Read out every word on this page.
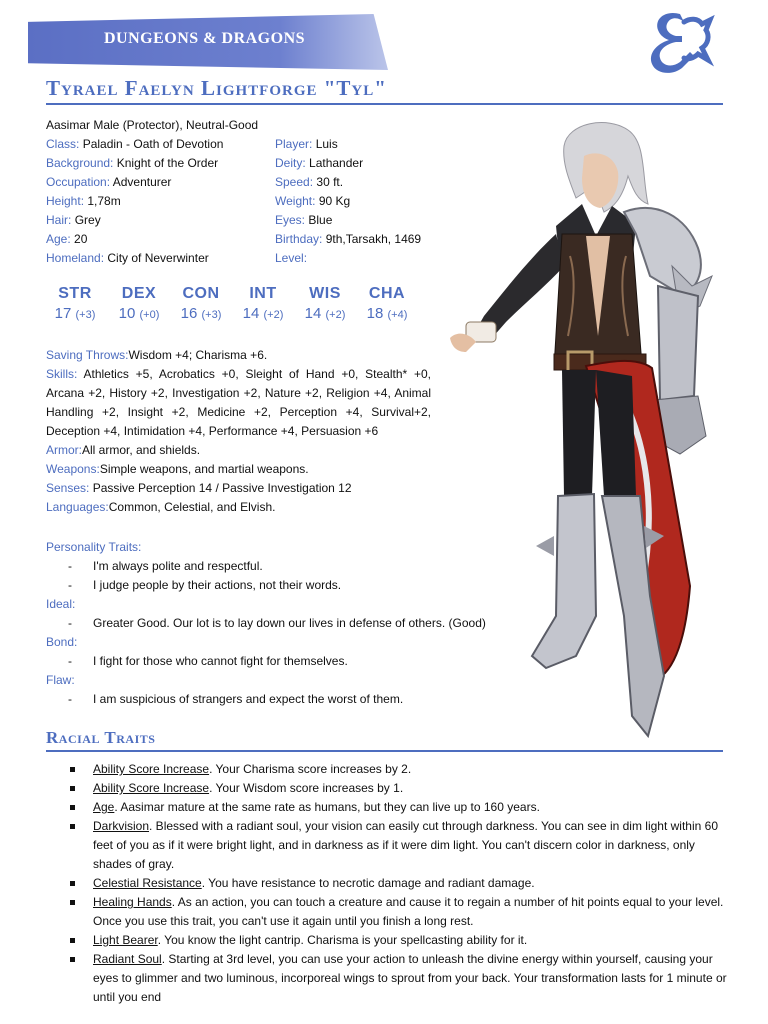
DUNGEONS & DRAGONS
Tyrael Faelyn Lightforge "Tyl"
Aasimar Male (Protector), Neutral-Good
Class: Paladin - Oath of Devotion
Background: Knight of the Order
Occupation: Adventurer
Height: 1,78m
Hair: Grey
Age: 20
Homeland: City of Neverwinter
Player: Luis
Deity: Lathander
Speed: 30 ft.
Weight: 90 Kg
Eyes: Blue
Birthday: 9th,Tarsakh, 1469
Level:
STR
17 (+3)
DEX
10 (+0)
CON
16 (+3)
INT
14 (+2)
WIS
14 (+2)
CHA
18 (+4)
Saving Throws:Wisdom +4; Charisma +6.
Skills: Athletics +5, Acrobatics +0, Sleight of Hand +0, Stealth* +0, Arcana +2, History +2, Investigation +2, Nature +2, Religion +4, Animal Handling +2, Insight +2, Medicine +2, Perception +4, Survival+2, Deception +4, Intimidation +4, Performance +4, Persuasion +6
Armor:All armor, and shields.
Weapons:Simple weapons, and martial weapons.
Senses: Passive Perception 14 / Passive Investigation 12
Languages:Common, Celestial, and Elvish.
Personality Traits:
- I'm always polite and respectful.
- I judge people by their actions, not their words.
Ideal:
- Greater Good. Our lot is to lay down our lives in defense of others. (Good)
Bond:
- I fight for those who cannot fight for themselves.
Flaw:
- I am suspicious of strangers and expect the worst of them.
Racial Traits
Ability Score Increase. Your Charisma score increases by 2.
Ability Score Increase. Your Wisdom score increases by 1.
Age. Aasimar mature at the same rate as humans, but they can live up to 160 years.
Darkvision. Blessed with a radiant soul, your vision can easily cut through darkness. You can see in dim light within 60 feet of you as if it were bright light, and in darkness as if it were dim light. You can't discern color in darkness, only shades of gray.
Celestial Resistance. You have resistance to necrotic damage and radiant damage.
Healing Hands. As an action, you can touch a creature and cause it to regain a number of hit points equal to your level. Once you use this trait, you can't use it again until you finish a long rest.
Light Bearer. You know the light cantrip. Charisma is your spellcasting ability for it.
Radiant Soul. Starting at 3rd level, you can use your action to unleash the divine energy within yourself, causing your eyes to glimmer and two luminous, incorporeal wings to sprout from your back. Your transformation lasts for 1 minute or until you end
